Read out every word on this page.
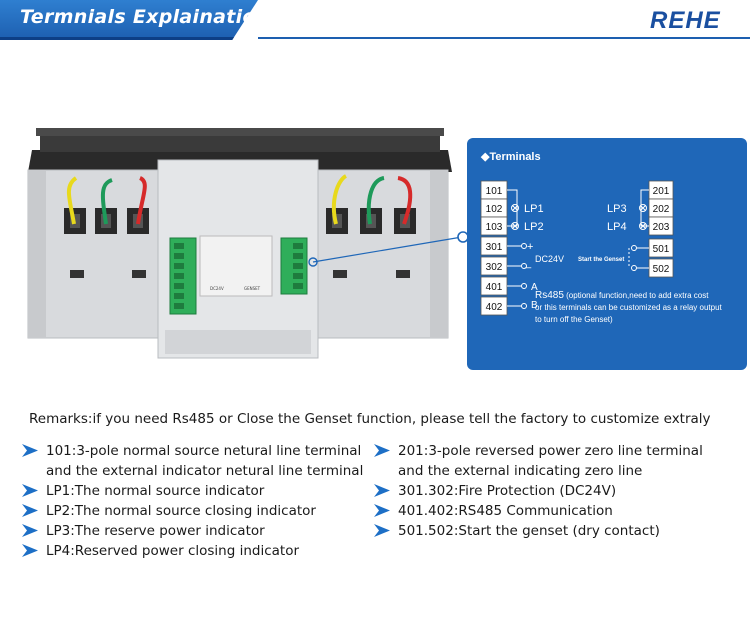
Termnials Explaination	REHE
DC24V	GENSET
101
102
103
301
302
401
402
LP1
LP2
+
_ DC24V
A
B
201
202
203
501
502
LP3
LP4
Start the Genset
◆Terminals
Rs485 (optional function,need to add extra cost
or this terminals can be customized as a relay output
to turn off the Genset)
Remarks:if you need Rs485 or Close the Genset function, please tell the factory to customize extraly
101:3-pole normal source netural line terminal
and the external indicator netural line terminal
LP1:The normal source indicator
LP2:The normal source closing indicator
LP3:The reserve power indicator
LP4:Reserved power closing indicator
201:3-pole reversed power zero line terminal
and the external indicating zero line
301.302:Fire Protection (DC24V)
401.402:RS485 Communication
501.502:Start the genset (dry contact)
